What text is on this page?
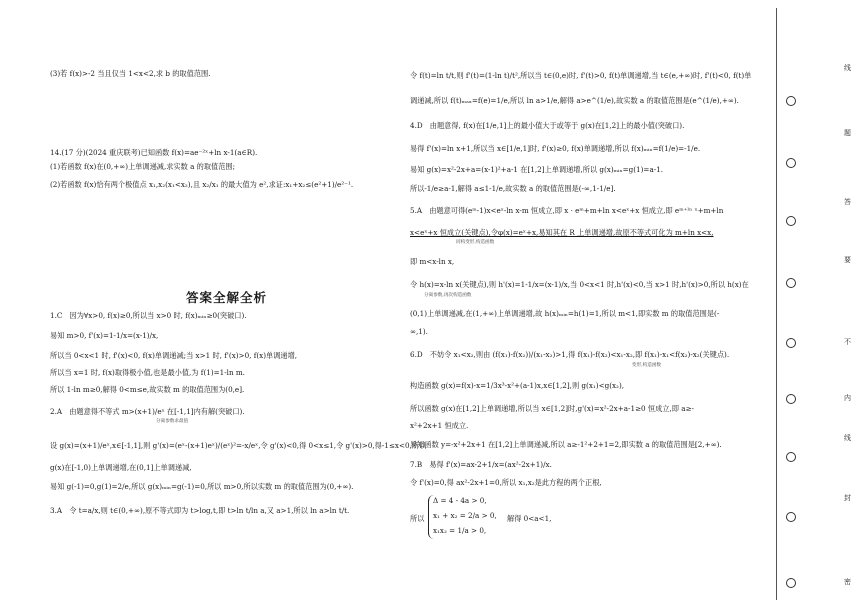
(3)若 f(x)>-2 当且仅当 1<x<2,求 b 的取值范围.
14.(17 分)(2024 重庆联考)已知函数 f(x)=ae⁻²ˣ+ln x-1(a∈R).
(1)若函数 f(x)在(0,+∞)上单调递减,求实数 a 的取值范围;
(2)若函数 f(x)恰有两个极值点 x₁,x₂(x₁<x₂),且 x₂/x₁ 的最大值为 e²,求证:x₁+x₂≤(e²+1)/e²⁻¹.
答案全解全析
1.C　因为∀x>0, f(x)≥0,所以当 x>0 时, f(x)ₘᵢₙ≥0(突破口).
易知 m>0, f'(x)=1-1/x=(x-1)/x,
所以当 0<x<1 时, f'(x)<0, f(x)单调递减;当 x>1 时, f'(x)>0, f(x)单调递增,
所以当 x=1 时, f(x)取得极小值,也是最小值,为 f(1)=1-ln m.
所以 1-ln m≥0,解得 0<m≤e,故实数 m 的取值范围为(0,e].
2.A　由题意得不等式 m>(x+1)/eˣ 在[-1,1]内有解(突破口).
分离参数求最值
设 g(x)=(x+1)/eˣ,x∈[-1,1],则 g'(x)=(eˣ-(x+1)eˣ)/(eˣ)²=-x/eˣ,令 g'(x)<0,得 0<x≤1,令 g'(x)>0,得-1≤x<0,所以
g(x)在[-1,0)上单调递增,在(0,1]上单调递减,
易知 g(-1)=0,g(1)=2/e,所以 g(x)ₘᵢₙ=g(-1)=0,所以 m>0,所以实数 m 的取值范围为(0,+∞).
3.A　令 t=a/x,则 t∈(0,+∞),原不等式即为 t>log,t,即 t>ln t/ln a,又 a>1,所以 ln a>ln t/t.
令 f(t)=ln t/t,则 f'(t)=(1-ln t)/t²,所以当 t∈(0,e)时, f'(t)>0, f(t)单调递增,当 t∈(e,+∞)时, f'(t)<0, f(t)单
调递减,所以 f(t)ₘₐₓ=f(e)=1/e,所以 ln a>1/e,解得 a>e^(1/e),故实数 a 的取值范围是(e^(1/e),+∞).
4.D　由题意得, f(x)在[1/e,1]上的最小值大于或等于 g(x)在[1,2]上的最小值(突破口).
易得 f'(x)=ln x+1,所以当 x∈[1/e,1]时, f'(x)≥0, f(x)单调递增,所以 f(x)ₘᵢₙ=f(1/e)=-1/e.
易知 g(x)=x²-2x+a=(x-1)²+a-1 在[1,2]上单调递增,所以 g(x)ₘᵢₙ=g(1)=a-1.
所以-1/e≥a-1,解得 a≤1-1/e,故实数 a 的取值范围是(-∞,1-1/e].
5.A　由题意可得(eᵐ-1)x<eˣ-ln x-m 恒成立,即 x · eᵐ+m+ln x<eˣ+x 恒成立,即 eᵐ⁺ˡⁿ ˣ+m+ln
x<eˣ+x 恒成立(关键点),令φ(x)=eˣ+x,易知其在 R 上单调递增,故原不等式可化为 m+ln x<x,
同构变形,构造函数
即 m<x-ln x,
令 h(x)=x-ln x(关键点),则 h'(x)=1-1/x=(x-1)/x,当 0<x<1 时,h'(x)<0,当 x>1 时,h'(x)>0,所以 h(x)在
分离参数,再次构造函数
(0,1)上单调递减,在(1,+∞)上单调递增,故 h(x)ₘᵢₙ=h(1)=1,所以 m<1,即实数 m 的取值范围是(-
∞,1).
6.D　不妨令 x₁<x₂,则由 (f(x₁)-f(x₂))/(x₁-x₂)>1,得 f(x₁)-f(x₂)<x₁-x₂,即 f(x₁)-x₁<f(x₂)-x₂(关键点).
变形,构造函数
构造函数 g(x)=f(x)-x=1/3x³-x²+(a-1)x,x∈[1,2],则 g(x₁)<g(x₂),
所以函数 g(x)在[1,2]上单调递增,所以当 x∈[1,2]时,g'(x)=x²-2x+a-1≥0 恒成立,即 a≥-
x²+2x+1 恒成立.
易知函数 y=-x²+2x+1 在[1,2]上单调递减,所以 a≥-1²+2+1=2,即实数 a 的取值范围是[2,+∞).
7.B　易得 f'(x)=ax-2+1/x=(ax²-2x+1)/x.
令 f'(x)=0,得 ax²-2x+1=0,所以 x₁,x₂是此方程的两个正根,
所以
Δ = 4 - 4a > 0,
x₁ + x₂ = 2/a > 0,
x₁x₂ = 1/a > 0,
解得 0<a<1,
线
题
答
要
不
内
线
封
密
